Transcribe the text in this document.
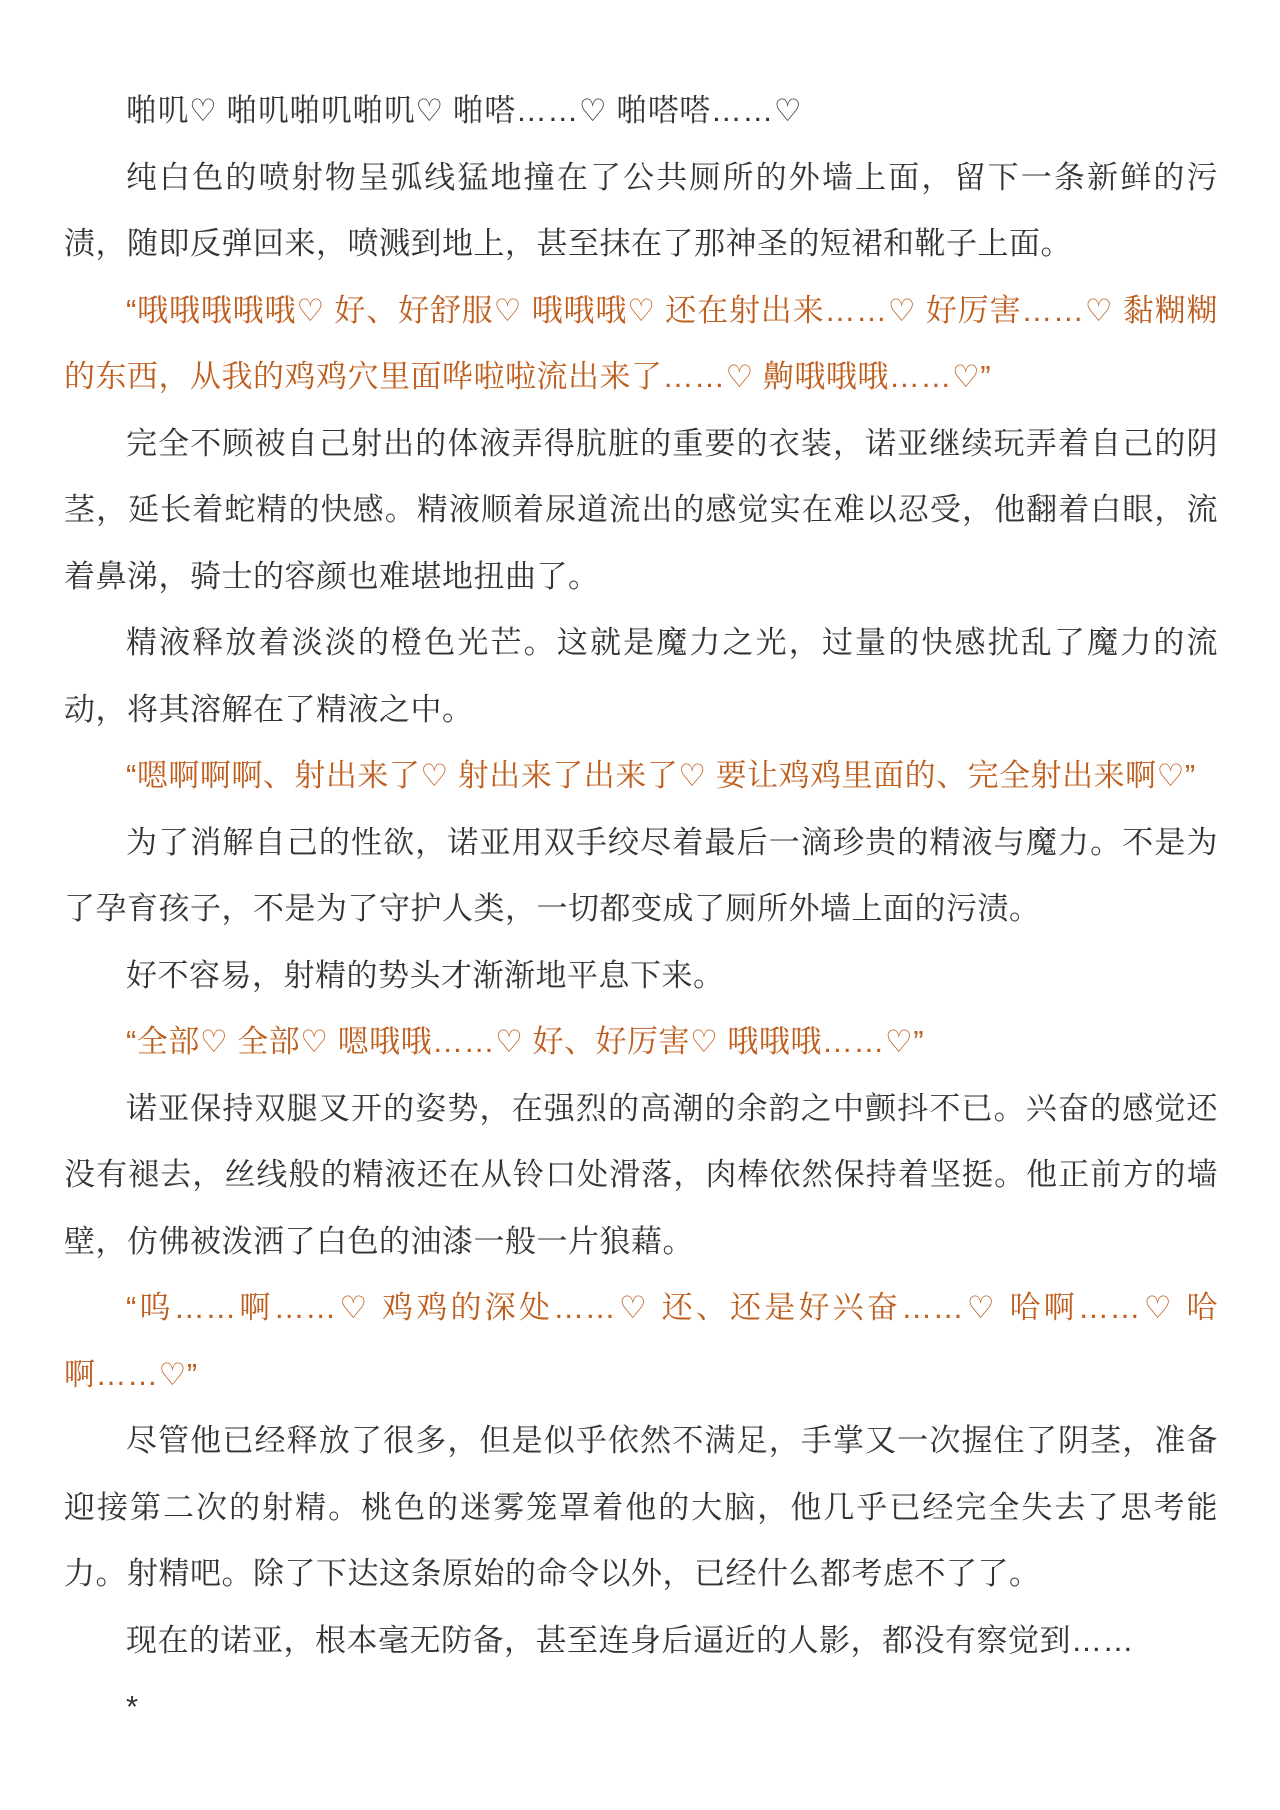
啪叽♡ 啪叽啪叽啪叽♡ 啪嗒……♡ 啪嗒嗒……♡

纯白色的喷射物呈弧线猛地撞在了公共厕所的外墙上面，留下一条新鲜的污渍，随即反弹回来，喷溅到地上，甚至抹在了那神圣的短裙和靴子上面。

“哦哦哦哦哦♡ 好、好舒服♡ 哦哦哦♡ 还在射出来……♡ 好厉害……♡ 黏糊糊的东西，从我的鸡鸡穴里面哗啦啦流出来了……♡ 齁哦哦哦……♡”

完全不顾被自己射出的体液弄得肮脏的重要的衣装，诺亚继续玩弄着自己的阴茎，延长着蛇精的快感。精液顺着尿道流出的感觉实在难以忍受，他翻着白眼，流着鼻涕，骑士的容颜也难堪地扭曲了。

精液释放着淡淡的橙色光芒。这就是魔力之光，过量的快感扰乱了魔力的流动，将其溶解在了精液之中。

“嗯啊啊啊、射出来了♡ 射出来了出来了♡ 要让鸡鸡里面的、完全射出来啊♡”

为了消解自己的性欲，诺亚用双手绞尽着最后一滴珍贵的精液与魔力。不是为了孕育孩子，不是为了守护人类，一切都变成了厕所外墙上面的污渍。

好不容易，射精的势头才渐渐地平息下来。

“全部♡ 全部♡ 嗯哦哦……♡ 好、好厉害♡ 哦哦哦……♡”

诺亚保持双腿叉开的姿势，在强烈的高潮的余韵之中颤抖不已。兴奋的感觉还没有褪去，丝线般的精液还在从铃口处滑落，肉棒依然保持着坚挺。他正前方的墙壁，仿佛被泼洒了白色的油漆一般一片狼藉。

“呜……啊……♡ 鸡鸡的深处……♡ 还、还是好兴奋……♡ 哈啊……♡ 哈啊……♡”

尽管他已经释放了很多，但是似乎依然不满足，手掌又一次握住了阴茎，准备迎接第二次的射精。桃色的迷雾笼罩着他的大脑，他几乎已经完全失去了思考能力。射精吧。除了下达这条原始的命令以外，已经什么都考虑不了了。

现在的诺亚，根本毫无防备，甚至连身后逼近的人影，都没有察觉到……

*
